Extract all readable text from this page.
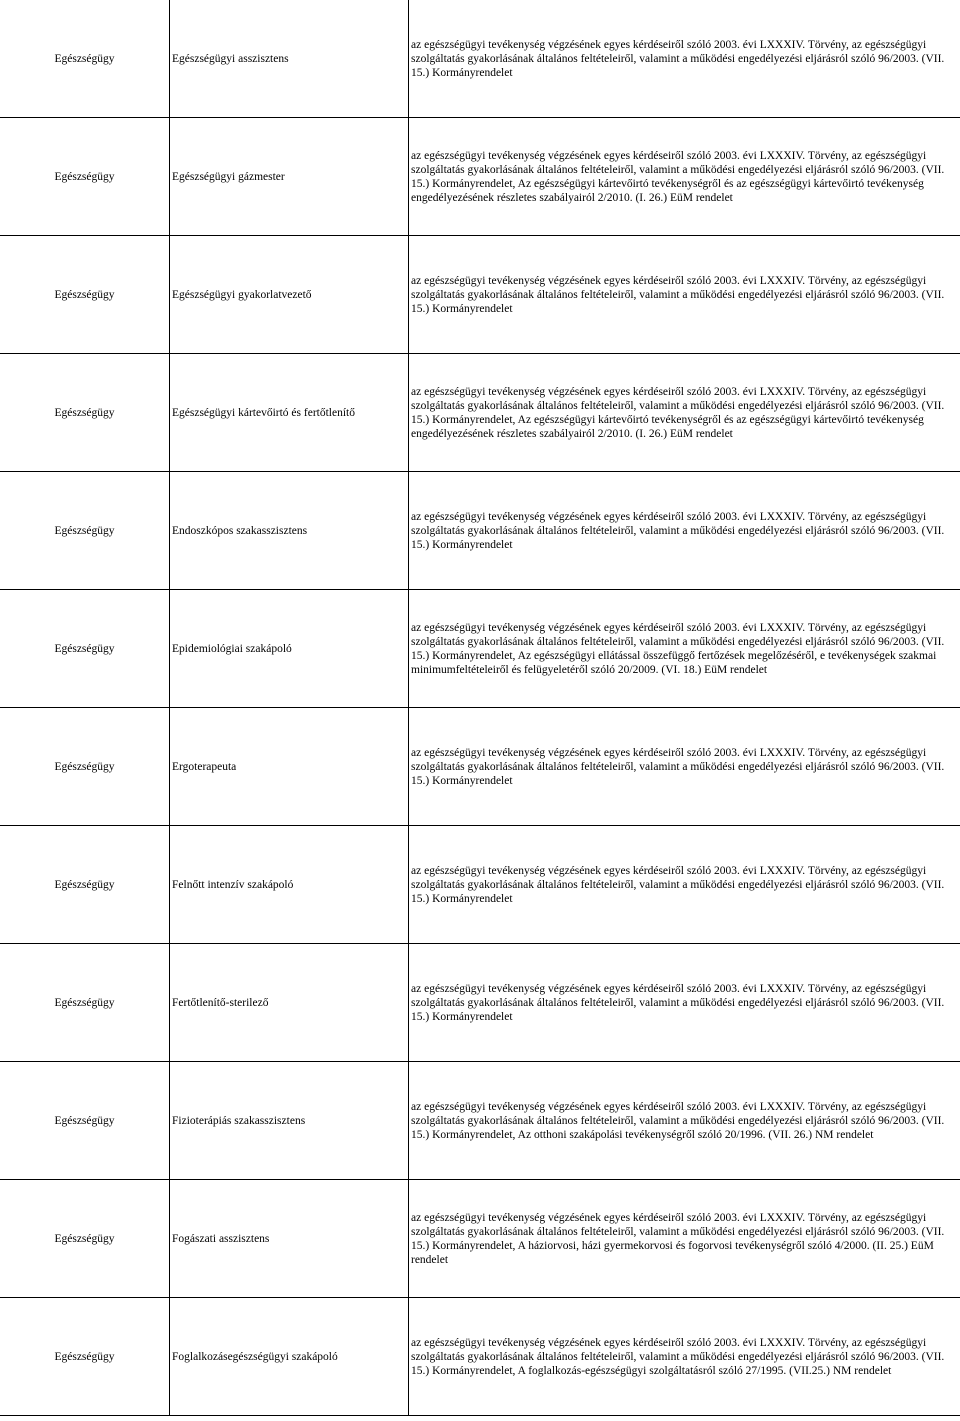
Egészségügy	Egészségügyi asszisztens	az egészségügyi tevékenység végzésének egyes kérdéseiről szóló 2003. évi LXXXIV. Törvény, az egészségügyi szolgáltatás gyakorlásának általános feltételeiről, valamint a működési engedélyezési eljárásról szóló 96/2003. (VII. 15.) Kormányrendelet
Egészségügy	Egészségügyi gázmester	az egészségügyi tevékenység végzésének egyes kérdéseiről szóló 2003. évi LXXXIV. Törvény, az egészségügyi szolgáltatás gyakorlásának általános feltételeiről, valamint a működési engedélyezési eljárásról szóló 96/2003. (VII. 15.) Kormányrendelet, Az egészségügyi kártevőirtó tevékenységről és az egészségügyi kártevőirtó tevékenység engedélyezésének részletes szabályairól 2/2010. (I. 26.) EüM rendelet
Egészségügy	Egészségügyi gyakorlatvezető	az egészségügyi tevékenység végzésének egyes kérdéseiről szóló 2003. évi LXXXIV. Törvény, az egészségügyi szolgáltatás gyakorlásának általános feltételeiről, valamint a működési engedélyezési eljárásról szóló 96/2003. (VII. 15.) Kormányrendelet
Egészségügy	Egészségügyi kártevőirtó és fertőtlenítő	az egészségügyi tevékenység végzésének egyes kérdéseiről szóló 2003. évi LXXXIV. Törvény, az egészségügyi szolgáltatás gyakorlásának általános feltételeiről, valamint a működési engedélyezési eljárásról szóló 96/2003. (VII. 15.) Kormányrendelet, Az egészségügyi kártevőirtó tevékenységről és az egészségügyi kártevőirtó tevékenység engedélyezésének részletes szabályairól 2/2010. (I. 26.) EüM rendelet
Egészségügy	Endoszkópos szakasszisztens	az egészségügyi tevékenység végzésének egyes kérdéseiről szóló 2003. évi LXXXIV. Törvény, az egészségügyi szolgáltatás gyakorlásának általános feltételeiről, valamint a működési engedélyezési eljárásról szóló 96/2003. (VII. 15.) Kormányrendelet
Egészségügy	Epidemiológiai szakápoló	az egészségügyi tevékenység végzésének egyes kérdéseiről szóló 2003. évi LXXXIV. Törvény, az egészségügyi szolgáltatás gyakorlásának általános feltételeiről, valamint a működési engedélyezési eljárásról szóló 96/2003. (VII. 15.) Kormányrendelet, Az egészségügyi ellátással összefüggő fertőzések megelőzéséről, e tevékenységek szakmai minimumfeltételeiről és felügyeletéről szóló 20/2009. (VI. 18.) EüM rendelet
Egészségügy	Ergoterapeuta	az egészségügyi tevékenység végzésének egyes kérdéseiről szóló 2003. évi LXXXIV. Törvény, az egészségügyi szolgáltatás gyakorlásának általános feltételeiről, valamint a működési engedélyezési eljárásról szóló 96/2003. (VII. 15.) Kormányrendelet
Egészségügy	Felnőtt intenzív szakápoló	az egészségügyi tevékenység végzésének egyes kérdéseiről szóló 2003. évi LXXXIV. Törvény, az egészségügyi szolgáltatás gyakorlásának általános feltételeiről, valamint a működési engedélyezési eljárásról szóló 96/2003. (VII. 15.) Kormányrendelet
Egészségügy	Fertőtlenítő-sterilező	az egészségügyi tevékenység végzésének egyes kérdéseiről szóló 2003. évi LXXXIV. Törvény, az egészségügyi szolgáltatás gyakorlásának általános feltételeiről, valamint a működési engedélyezési eljárásról szóló 96/2003. (VII. 15.) Kormányrendelet
Egészségügy	Fizioterápiás szakasszisztens	az egészségügyi tevékenység végzésének egyes kérdéseiről szóló 2003. évi LXXXIV. Törvény, az egészségügyi szolgáltatás gyakorlásának általános feltételeiről, valamint a működési engedélyezési eljárásról szóló 96/2003. (VII. 15.) Kormányrendelet, Az otthoni szakápolási tevékenységről szóló 20/1996. (VII. 26.) NM rendelet
Egészségügy	Fogászati asszisztens	az egészségügyi tevékenység végzésének egyes kérdéseiről szóló 2003. évi LXXXIV. Törvény, az egészségügyi szolgáltatás gyakorlásának általános feltételeiről, valamint a működési engedélyezési eljárásról szóló 96/2003. (VII. 15.) Kormányrendelet, A háziorvosi, házi gyermekorvosi és fogorvosi tevékenységről szóló 4/2000. (II. 25.) EüM rendelet
Egészségügy	Foglalkozásegészségügyi szakápoló	az egészségügyi tevékenység végzésének egyes kérdéseiről szóló 2003. évi LXXXIV. Törvény, az egészségügyi szolgáltatás gyakorlásának általános feltételeiről, valamint a működési engedélyezési eljárásról szóló 96/2003. (VII. 15.) Kormányrendelet, A foglalkozás-egészségügyi szolgáltatásról szóló 27/1995. (VII.25.) NM rendelet
